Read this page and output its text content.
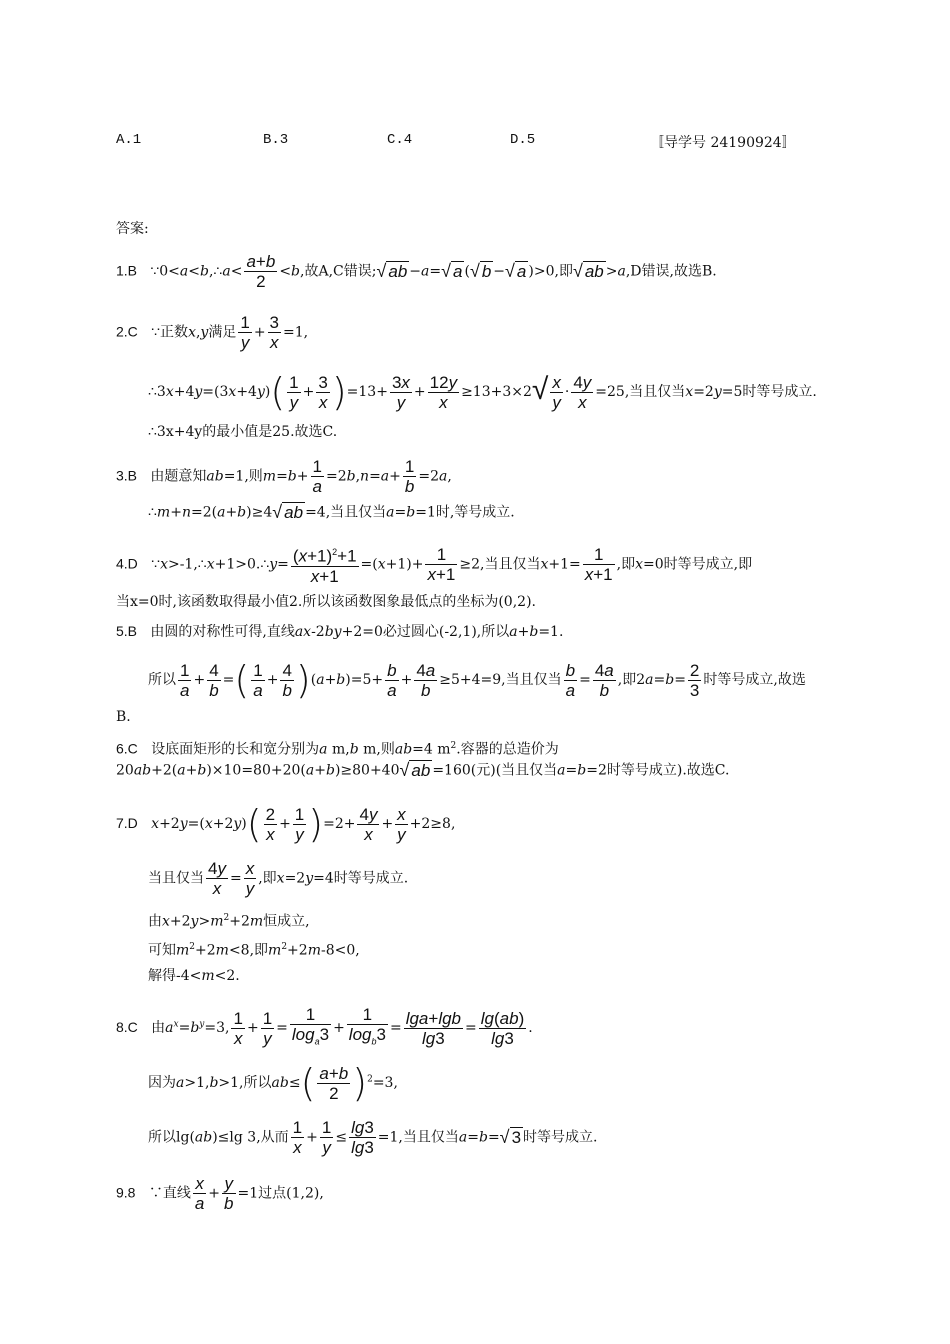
A.1	B.3	C.4	D.5	〚导学号 24190924〛
答案:
1.B   ∵0<a<b,∴a< $\frac{a+b}{2} <b$,故A,C错误;√ ab −a=√ a (√ b −√ a )>0,即√ ab >a,D错误,故选B.
2.C   ∵正数x,y满足 $\frac{1}{y} + \frac{3}{x} =1$,
∴3x+4y=(3x+4y)( $\frac{1}{y} + \frac{3}{x} )=13+ \frac{3x}{y} + \frac{12y}{x} \ge 13+3\times 2√ \frac{x}{y} \cdot \frac{4y}{x} =25$,当且仅当x=2y=5时等号成立.
∴3x+4y的最小值是25.故选C.
3.B   由题意知ab=1,则$m=b+ \frac{1}{a} =2b,n=a+ \frac{1}{b} =2a$,
∴m+n=2(a+b)≥4√ ab =4,当且仅当a=b=1时,等号成立.
4.D   ∵x>-1,∴x+1>0.∴y= $\frac{(x+1)^2+1}{x+1} =(x+1)+ \frac{1}{x+1} \ge 2$,当且仅当$x+1= \frac{1}{x+1}$ ,即x=0时等号成立,即
当x=0时,该函数取得最小值2.所以该函数图象最低点的坐标为(0,2).
5.B   由圆的对称性可得,直线ax-2by+2=0必过圆心(-2,1),所以a+b=1.
所以 $\frac{1}{a} + \frac{4}{b}$ =( $\frac{1}{a} + \frac{4}{b} )(a+b)=5+ \frac{b}{a} + \frac{4a}{b} \ge 5+4=9$,当且仅当 $\frac{b}{a} = \frac{4a}{b}$ ,即$2a=b= \frac{2}{3}$ 时等号成立,故选
B.
6.C   设底面矩形的长和宽分别为a m,b m,则ab=4 $m^2$.容器的总造价为
20ab+2(a+b)×10=80+20(a+b)≥80+40√ ab =160(元)(当且仅当a=b=2时等号成立).故选C.
7.D $x+2y=(x+2y)( \frac{2}{x} + \frac{1}{y} )=2+ \frac{4y}{x} + \frac{x}{y} +2\ge 8$,
当且仅当 $\frac{4y}{x} = \frac{x}{y}$ ,即x=2y=4时等号成立.
由$x+2y>m^2+2m$恒成立,
可知$m^2+2m<8$,即$m^2+2m-8<0$,
解得-4<m<2.
8.C   由$a^x=b^y=3$, $\frac{1}{x} + \frac{1}{y} = \frac{1}{\log_a3} + \frac{1}{\log_b3} = \frac{\lg a+\lg b}{\lg 3} = \frac{\lg(ab)}{\lg 3}$ .
因为a>1,b>1,所以$ab\le( \frac{a+b}{2} )^2=3$,
所以lg(ab)≤lg 3,从而 $\frac{1}{x} + \frac{1}{y} \le \frac{\lg 3}{\lg 3} =1$,当且仅当a=b=√ 3 时等号成立.
9.8   ∵直线 $\frac{x}{a} + \frac{y}{b} =1$过点(1,2),
